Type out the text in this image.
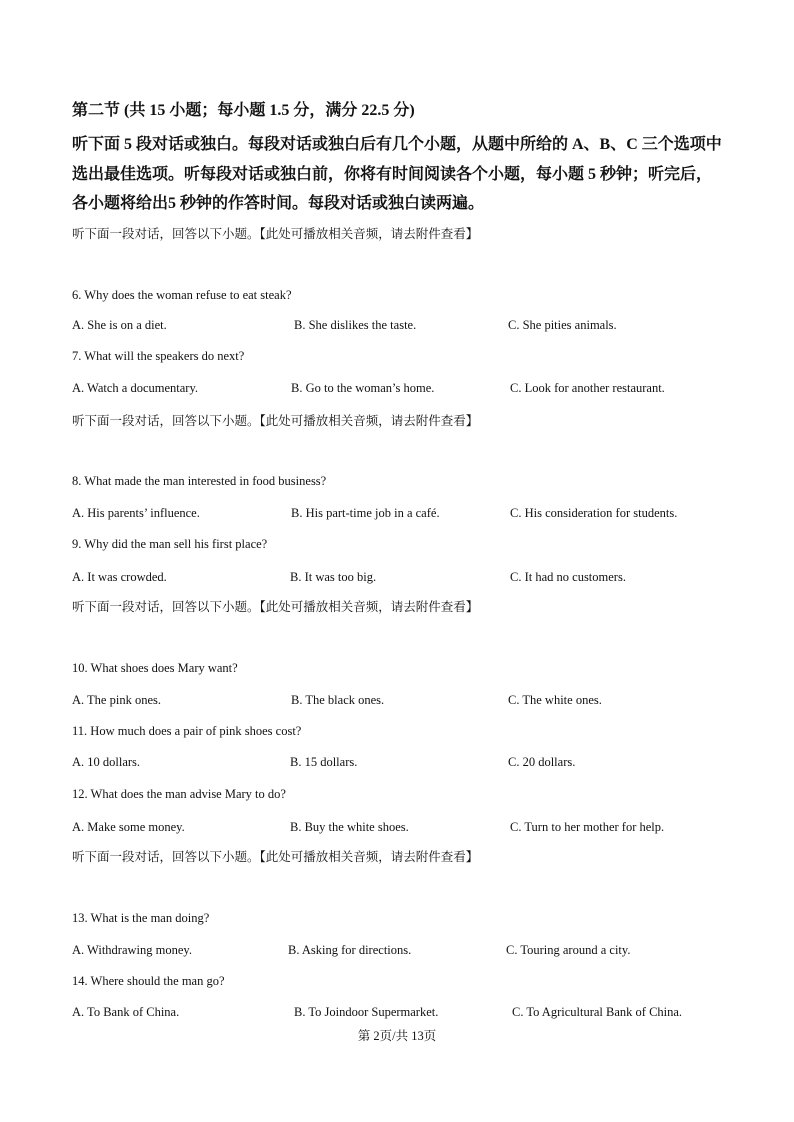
第二节 (共 15 小题；每小题 1.5 分，满分 22.5 分)
听下面 5 段对话或独白。每段对话或独白后有几个小题，从题中所给的 A、B、C 三个选项中
选出最佳选项。听每段对话或独白前，你将有时间阅读各个小题，每小题 5 秒钟；听完后，
各小题将给出5 秒钟的作答时间。每段对话或独白读两遍。
听下面一段对话，回答以下小题。【此处可播放相关音频，请去附件查看】
6. Why does the woman refuse to eat steak?
A. She is on a diet.	B. She dislikes the taste.	C. She pities animals.
7. What will the speakers do next?
A. Watch a documentary.	B. Go to the woman’s home.	C. Look for another restaurant.
听下面一段对话，回答以下小题。【此处可播放相关音频，请去附件查看】
8. What made the man interested in food business?
A. His parents’ influence.	B. His part-time job in a café.	C. His consideration for students.
9. Why did the man sell his first place?
A. It was crowded.	B. It was too big.	C. It had no customers.
听下面一段对话，回答以下小题。【此处可播放相关音频，请去附件查看】
10. What shoes does Mary want?
A. The pink ones.	B. The black ones.	C. The white ones.
11. How much does a pair of pink shoes cost?
A. 10 dollars.	B. 15 dollars.	C. 20 dollars.
12. What does the man advise Mary to do?
A. Make some money.	B. Buy the white shoes.	C. Turn to her mother for help.
听下面一段对话，回答以下小题。【此处可播放相关音频，请去附件查看】
13. What is the man doing?
A. Withdrawing money.	B. Asking for directions.	C. Touring around a city.
14. Where should the man go?
A. To Bank of China.	B. To Joindoor Supermarket.	C. To Agricultural Bank of China.
第 2页/共 13页
